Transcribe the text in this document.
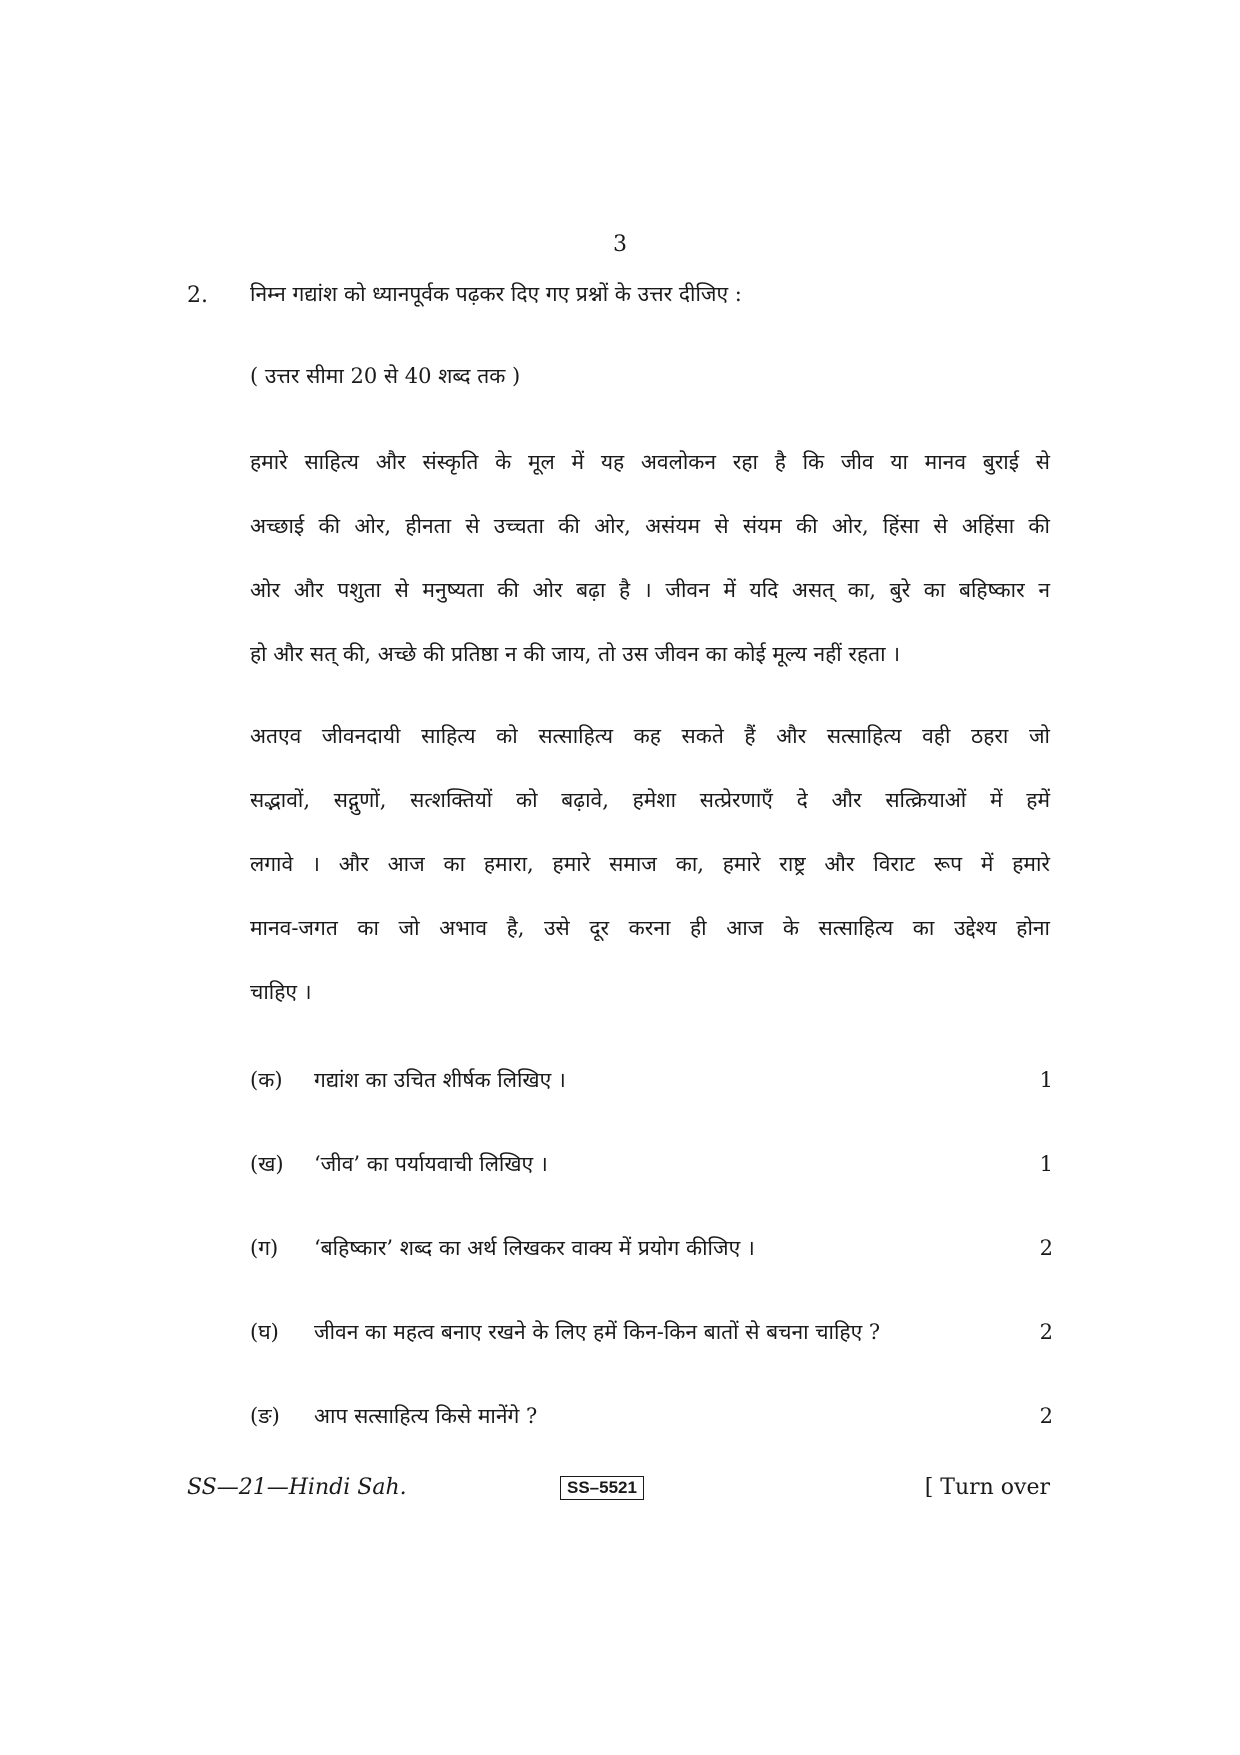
3
2. निम्न गद्यांश को ध्यानपूर्वक पढ़कर दिए गए प्रश्नों के उत्तर दीजिए :
( उत्तर सीमा 20 से 40 शब्द तक )
हमारे साहित्य और संस्कृति के मूल में यह अवलोकन रहा है कि जीव या मानव बुराई से
अच्छाई की ओर, हीनता से उच्चता की ओर, असंयम से संयम की ओर, हिंसा से अहिंसा की
ओर और पशुता से मनुष्यता की ओर बढ़ा है । जीवन में यदि असत् का, बुरे का बहिष्कार न
हो और सत् की, अच्छे की प्रतिष्ठा न की जाय, तो उस जीवन का कोई मूल्य नहीं रहता ।
अतएव जीवनदायी साहित्य को सत्साहित्य कह सकते हैं और सत्साहित्य वही ठहरा जो
सद्भावों, सद्गुणों, सत्शक्तियों को बढ़ावे, हमेशा सत्प्रेरणाएँ दे और सत्क्रियाओं में हमें
लगावे । और आज का हमारा, हमारे समाज का, हमारे राष्ट्र और विराट रूप में हमारे
मानव-जगत का जो अभाव है, उसे दूर करना ही आज के सत्साहित्य का उद्देश्य होना
चाहिए ।
(क) गद्यांश का उचित शीर्षक लिखिए ।	1
(ख) ‘जीव’ का पर्यायवाची लिखिए ।	1
(ग) ‘बहिष्कार’ शब्द का अर्थ लिखकर वाक्य में प्रयोग कीजिए ।	2
(घ) जीवन का महत्व बनाए रखने के लिए हमें किन-किन बातों से बचना चाहिए ?	2
(ङ) आप सत्साहित्य किसे मानेंगे ?	2
SS—21—Hindi Sah.	SS–5521	[ Turn over
